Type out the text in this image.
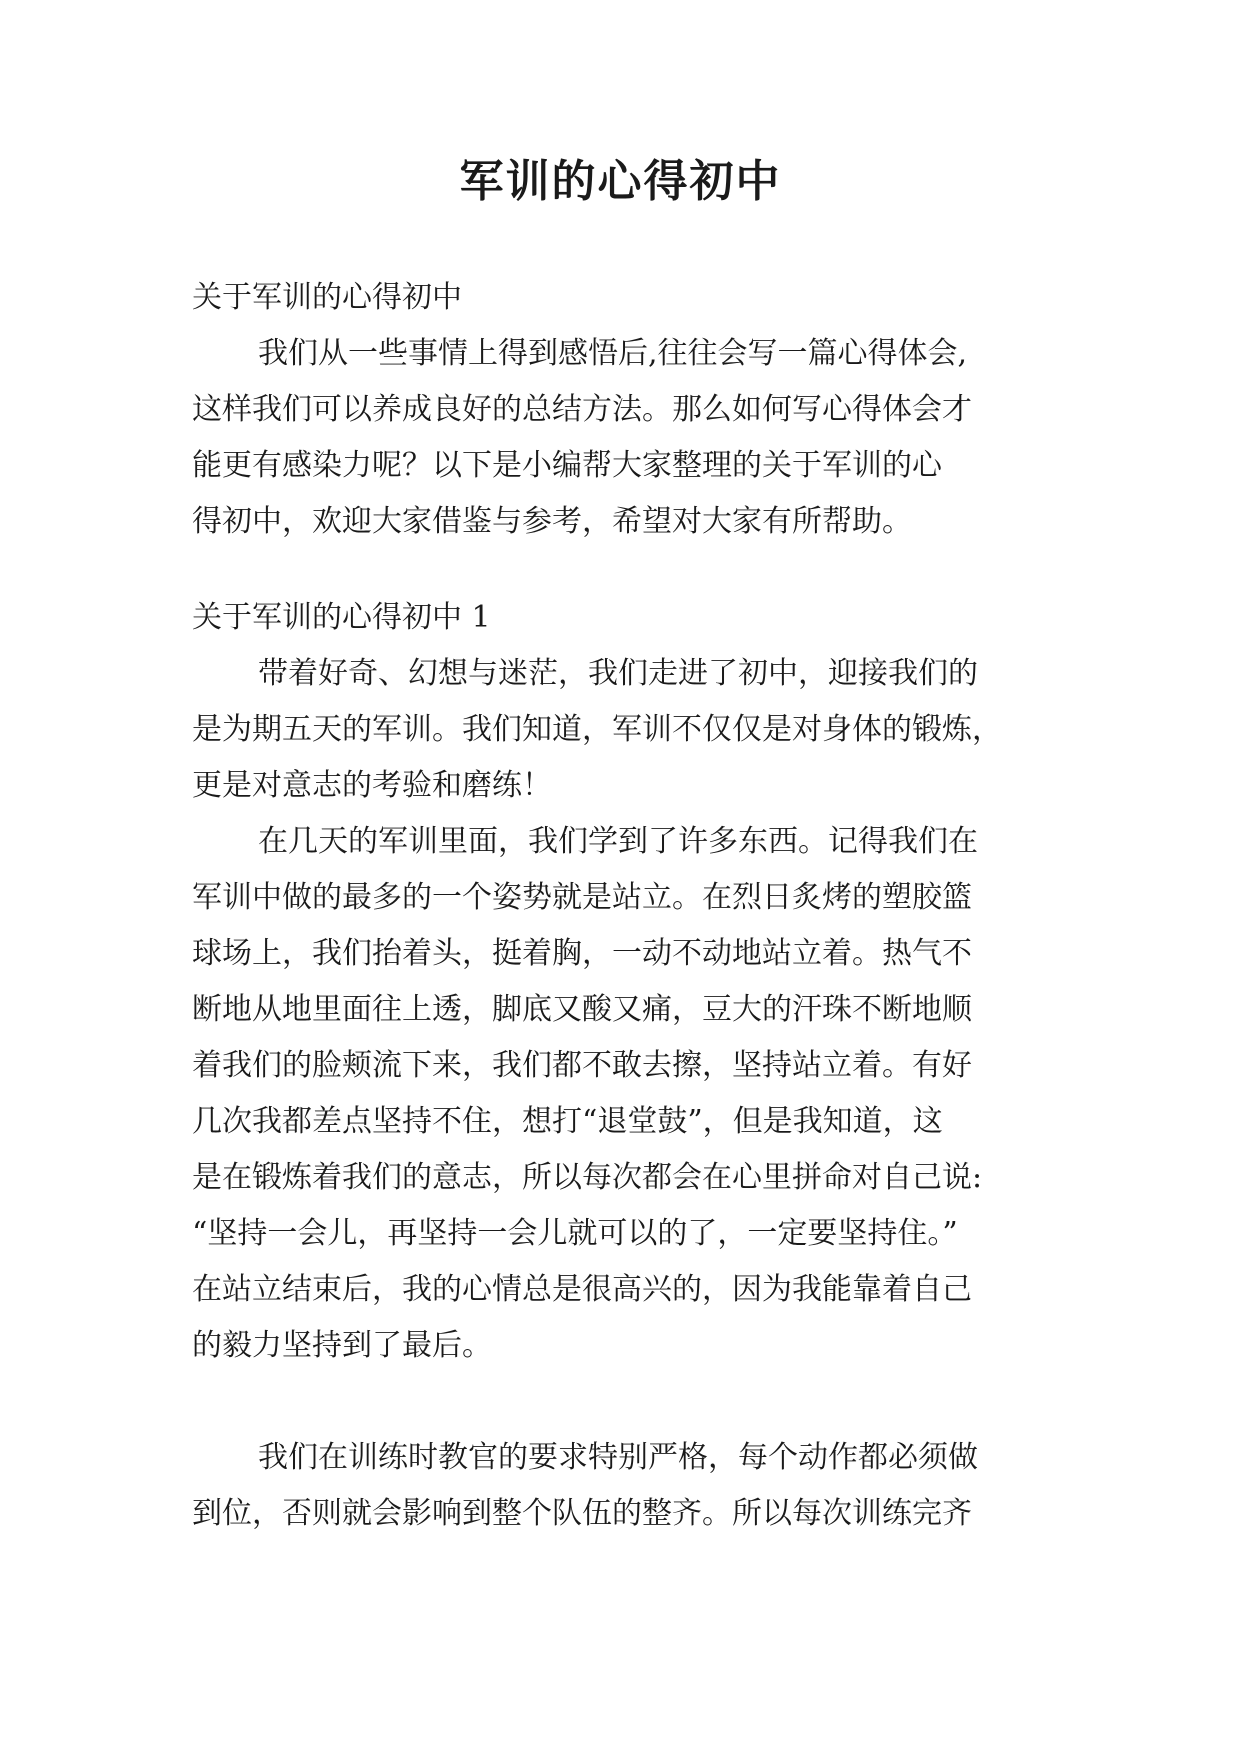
军训的心得初中
关于军训的心得初中
我们从一些事情上得到感悟后,往往会写一篇心得体会,
这样我们可以养成良好的总结方法。那么如何写心得体会才
能更有感染力呢？以下是小编帮大家整理的关于军训的心
得初中，欢迎大家借鉴与参考，希望对大家有所帮助。
关于军训的心得初中 1
带着好奇、幻想与迷茫，我们走进了初中，迎接我们的
是为期五天的军训。我们知道，军训不仅仅是对身体的锻炼，
更是对意志的考验和磨练！
在几天的军训里面，我们学到了许多东西。记得我们在
军训中做的最多的一个姿势就是站立。在烈日炙烤的塑胶篮
球场上，我们抬着头，挺着胸，一动不动地站立着。热气不
断地从地里面往上透，脚底又酸又痛，豆大的汗珠不断地顺
着我们的脸颊流下来，我们都不敢去擦，坚持站立着。有好
几次我都差点坚持不住，想打“退堂鼓”，但是我知道，这
是在锻炼着我们的意志，所以每次都会在心里拼命对自己说:
“坚持一会儿，再坚持一会儿就可以的了，一定要坚持住。”
在站立结束后，我的心情总是很高兴的，因为我能靠着自己
的毅力坚持到了最后。
我们在训练时教官的要求特别严格，每个动作都必须做
到位，否则就会影响到整个队伍的整齐。所以每次训练完齐
